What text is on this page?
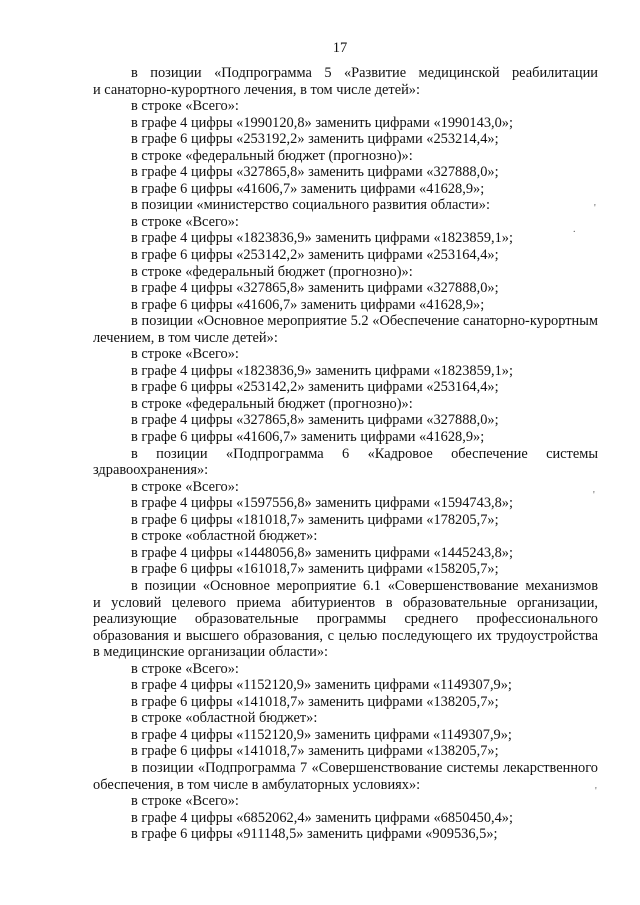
17
в позиции «Подпрограмма 5 «Развитие медицинской реабилитации
и санаторно-курортного лечения, в том числе детей»:
в строке «Всего»:
в графе 4 цифры «1990120,8» заменить цифрами «1990143,0»;
в графе 6 цифры «253192,2» заменить цифрами «253214,4»;
в строке «федеральный бюджет (прогнозно)»:
в графе 4 цифры «327865,8» заменить цифрами «327888,0»;
в графе 6 цифры «41606,7» заменить цифрами «41628,9»;
в позиции «министерство социального развития области»:
в строке «Всего»:
в графе 4 цифры «1823836,9» заменить цифрами «1823859,1»;
в графе 6 цифры «253142,2» заменить цифрами «253164,4»;
в строке «федеральный бюджет (прогнозно)»:
в графе 4 цифры «327865,8» заменить цифрами «327888,0»;
в графе 6 цифры «41606,7» заменить цифрами «41628,9»;
в позиции «Основное мероприятие 5.2 «Обеспечение санаторно-курортным
лечением, в том числе детей»:
в строке «Всего»:
в графе 4 цифры «1823836,9» заменить цифрами «1823859,1»;
в графе 6 цифры «253142,2» заменить цифрами «253164,4»;
в строке «федеральный бюджет (прогнозно)»:
в графе 4 цифры «327865,8» заменить цифрами «327888,0»;
в графе 6 цифры «41606,7» заменить цифрами «41628,9»;
в позиции «Подпрограмма 6 «Кадровое обеспечение системы
здравоохранения»:
в строке «Всего»:
в графе 4 цифры «1597556,8» заменить цифрами «1594743,8»;
в графе 6 цифры «181018,7» заменить цифрами «178205,7»;
в строке «областной бюджет»:
в графе 4 цифры «1448056,8» заменить цифрами «1445243,8»;
в графе 6 цифры «161018,7» заменить цифрами «158205,7»;
в позиции «Основное мероприятие 6.1 «Совершенствование механизмов
и условий целевого приема абитуриентов в образовательные организации,
реализующие образовательные программы среднего профессионального
образования и высшего образования, с целью последующего их трудоустройства
в медицинские организации области»:
в строке «Всего»:
в графе 4 цифры «1152120,9» заменить цифрами «1149307,9»;
в графе 6 цифры «141018,7» заменить цифрами «138205,7»;
в строке «областной бюджет»:
в графе 4 цифры «1152120,9» заменить цифрами «1149307,9»;
в графе 6 цифры «141018,7» заменить цифрами «138205,7»;
в позиции «Подпрограмма 7 «Совершенствование системы лекарственного
обеспечения, в том числе в амбулаторных условиях»:
в строке «Всего»:
в графе 4 цифры «6852062,4» заменить цифрами «6850450,4»;
в графе 6 цифры «911148,5» заменить цифрами «909536,5»;
'
.
'
'
